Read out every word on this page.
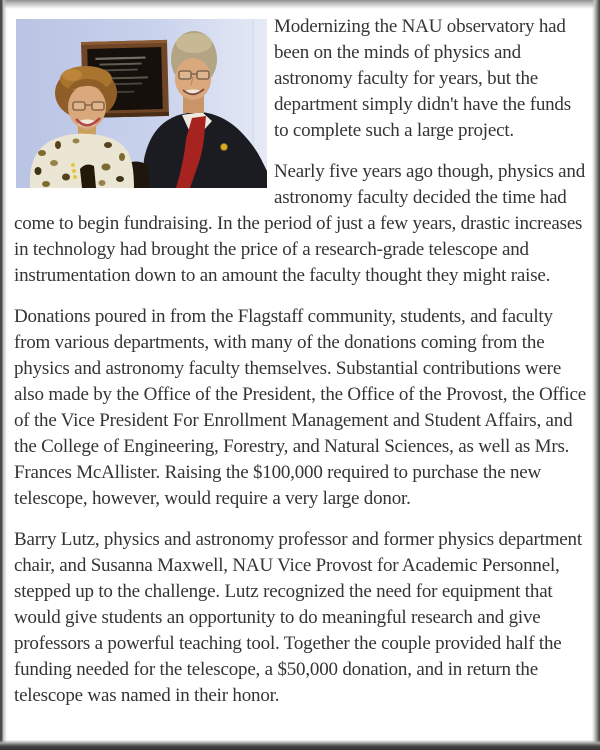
Modernizing the NAU observatory had been on the minds of physics and astronomy faculty for years, but the department simply didn't have the funds to complete such a large project.

Nearly five years ago though, physics and astronomy faculty decided the time had come to begin fundraising. In the period of just a few years, drastic increases in technology had brought the price of a research-grade telescope and instrumentation down to an amount the faculty thought they might raise.

Donations poured in from the Flagstaff community, students, and faculty from various departments, with many of the donations coming from the physics and astronomy faculty themselves. Substantial contributions were also made by the Office of the President, the Office of the Provost, the Office of the Vice President For Enrollment Management and Student Affairs, and the College of Engineering, Forestry, and Natural Sciences, as well as Mrs. Frances McAllister. Raising the $100,000 required to purchase the new telescope, however, would require a very large donor.

Barry Lutz, physics and astronomy professor and former physics department chair, and Susanna Maxwell, NAU Vice Provost for Academic Personnel, stepped up to the challenge. Lutz recognized the need for equipment that would give students an opportunity to do meaningful research and give professors a powerful teaching tool. Together the couple provided half the funding needed for the telescope, a $50,000 donation, and in return the telescope was named in their honor.
